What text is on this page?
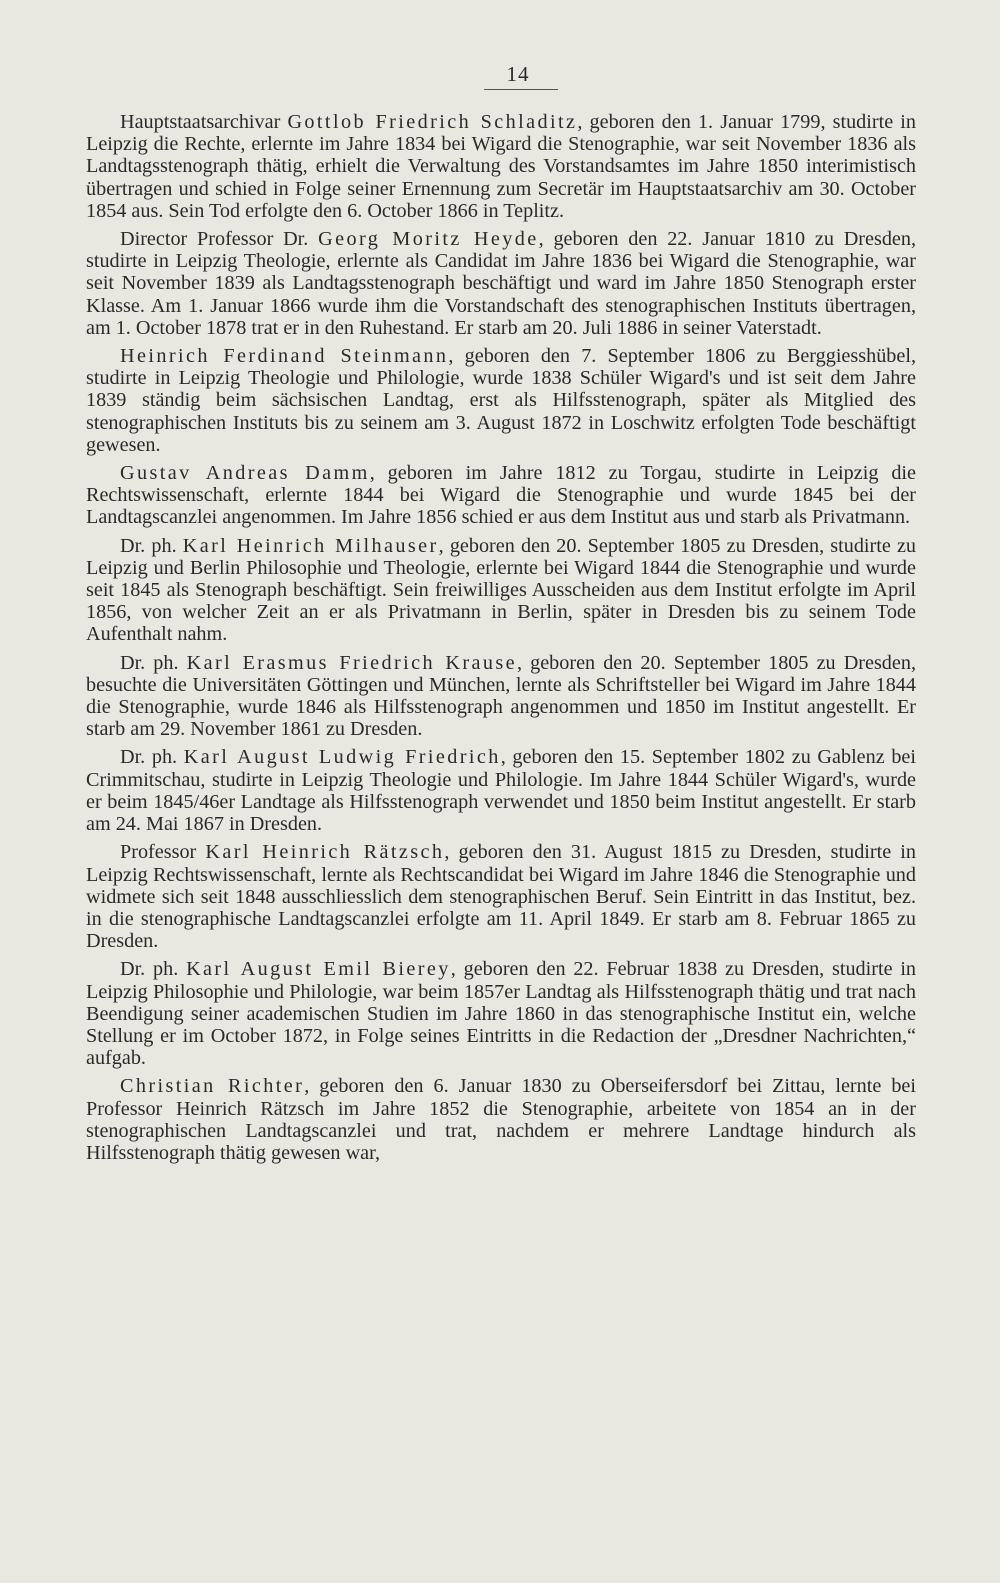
14

Hauptstaatsarchivar Gottlob Friedrich Schladitz, geboren den 1. Januar 1799, studirte in Leipzig die Rechte, erlernte im Jahre 1834 bei Wigard die Stenographie, war seit November 1836 als Landtagsstenograph thätig, erhielt die Verwaltung des Vorstandsamtes im Jahre 1850 interimistisch übertragen und schied in Folge seiner Ernennung zum Secretär im Hauptstaatsarchiv am 30. October 1854 aus. Sein Tod erfolgte den 6. October 1866 in Teplitz.

Director Professor Dr. Georg Moritz Heyde, geboren den 22. Januar 1810 zu Dresden, studirte in Leipzig Theologie, erlernte als Candidat im Jahre 1836 bei Wigard die Stenographie, war seit November 1839 als Landtagsstenograph beschäftigt und ward im Jahre 1850 Stenograph erster Klasse. Am 1. Januar 1866 wurde ihm die Vorstandschaft des stenographischen Instituts übertragen, am 1. October 1878 trat er in den Ruhestand. Er starb am 20. Juli 1886 in seiner Vaterstadt.

Heinrich Ferdinand Steinmann, geboren den 7. September 1806 zu Berggiesshübel, studirte in Leipzig Theologie und Philologie, wurde 1838 Schüler Wigard's und ist seit dem Jahre 1839 ständig beim sächsischen Landtag, erst als Hilfsstenograph, später als Mitglied des stenographischen Instituts bis zu seinem am 3. August 1872 in Loschwitz erfolgten Tode beschäftigt gewesen.

Gustav Andreas Damm, geboren im Jahre 1812 zu Torgau, studirte in Leipzig die Rechtswissenschaft, erlernte 1844 bei Wigard die Stenographie und wurde 1845 bei der Landtagscanzlei angenommen. Im Jahre 1856 schied er aus dem Institut aus und starb als Privatmann.

Dr. ph. Karl Heinrich Milhauser, geboren den 20. September 1805 zu Dresden, studirte zu Leipzig und Berlin Philosophie und Theologie, erlernte bei Wigard 1844 die Stenographie und wurde seit 1845 als Stenograph beschäftigt. Sein freiwilliges Ausscheiden aus dem Institut erfolgte im April 1856, von welcher Zeit an er als Privatmann in Berlin, später in Dresden bis zu seinem Tode Aufenthalt nahm.

Dr. ph. Karl Erasmus Friedrich Krause, geboren den 20. September 1805 zu Dresden, besuchte die Universitäten Göttingen und München, lernte als Schriftsteller bei Wigard im Jahre 1844 die Stenographie, wurde 1846 als Hilfsstenograph angenommen und 1850 im Institut angestellt. Er starb am 29. November 1861 zu Dresden.

Dr. ph. Karl August Ludwig Friedrich, geboren den 15. September 1802 zu Gablenz bei Crimmitschau, studirte in Leipzig Theologie und Philologie. Im Jahre 1844 Schüler Wigard's, wurde er beim 1845/46er Landtage als Hilfsstenograph verwendet und 1850 beim Institut angestellt. Er starb am 24. Mai 1867 in Dresden.

Professor Karl Heinrich Rätzsch, geboren den 31. August 1815 zu Dresden, studirte in Leipzig Rechtswissenschaft, lernte als Rechtscandidat bei Wigard im Jahre 1846 die Stenographie und widmete sich seit 1848 ausschliesslich dem stenographischen Beruf. Sein Eintritt in das Institut, bez. in die stenographische Landtagscanzlei erfolgte am 11. April 1849. Er starb am 8. Februar 1865 zu Dresden.

Dr. ph. Karl August Emil Bierey, geboren den 22. Februar 1838 zu Dresden, studirte in Leipzig Philosophie und Philologie, war beim 1857er Landtag als Hilfsstenograph thätig und trat nach Beendigung seiner academischen Studien im Jahre 1860 in das stenographische Institut ein, welche Stellung er im October 1872, in Folge seines Eintritts in die Redaction der „Dresdner Nachrichten,“ aufgab.

Christian Richter, geboren den 6. Januar 1830 zu Oberseifersdorf bei Zittau, lernte bei Professor Heinrich Rätzsch im Jahre 1852 die Stenographie, arbeitete von 1854 an in der stenographischen Landtagscanzlei und trat, nachdem er mehrere Landtage hindurch als Hilfsstenograph thätig gewesen war,
